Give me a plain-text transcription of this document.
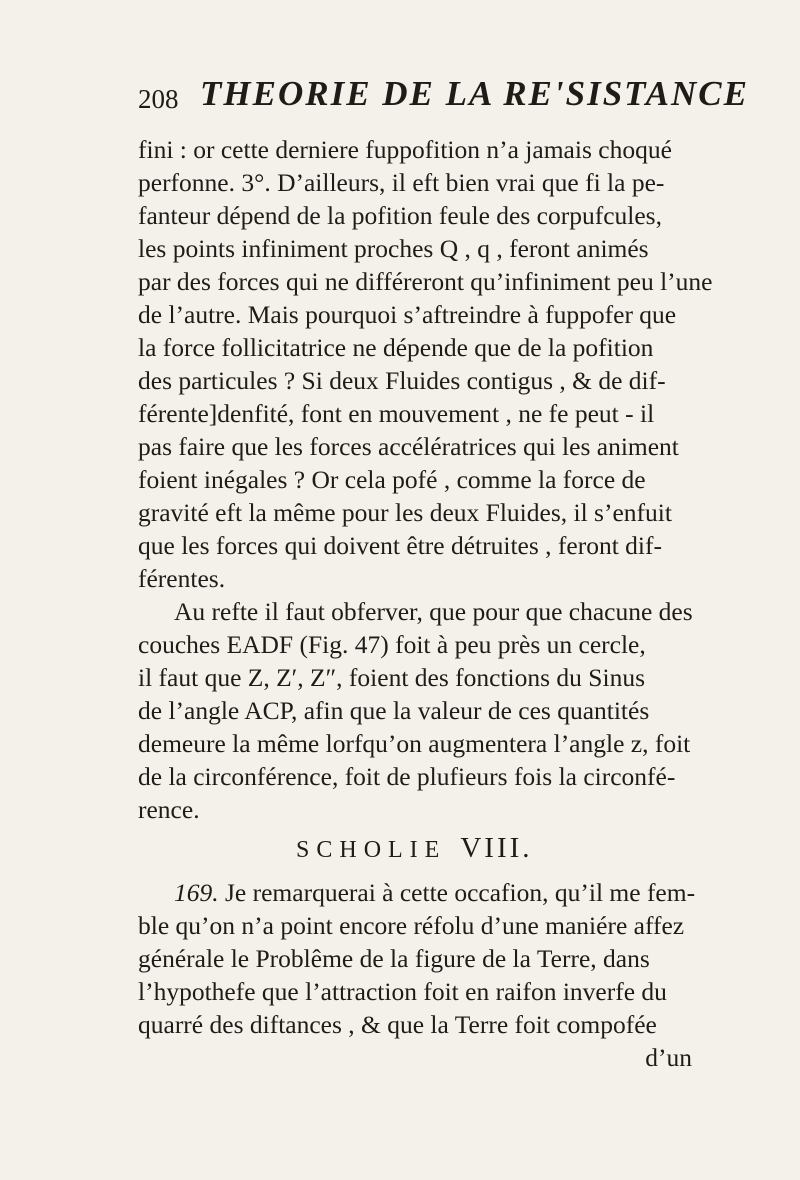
208 THEORIE DE LA RE'SISTANCE
fini : or cette derniere fuppofition n’a jamais choqué
perfonne. 3°. D’ailleurs, il eft bien vrai que fi la pe-
fanteur dépend de la pofition feule des corpufcules,
les points infiniment proches Q , q , feront animés
par des forces qui ne différeront qu’infiniment peu l’une
de l’autre. Mais pourquoi s’aftreindre à fuppofer que
la force follicitatrice ne dépende que de la pofition
des particules ? Si deux Fluides contigus , & de dif-
férente]denfité, font en mouvement , ne fe peut - il
pas faire que les forces accélératrices qui les animent
foient inégales ? Or cela pofé , comme la force de
gravité eft la même pour les deux Fluides, il s’enfuit
que les forces qui doivent être détruites , feront dif-
férentes.
Au refte il faut obferver, que pour que chacune des
couches EADF (Fig. 47) foit à peu près un cercle,
il faut que Z, Z′, Z″, foient des fonctions du Sinus
de l’angle ACP, afin que la valeur de ces quantités
demeure la même lorfqu’on augmentera l’angle z, foit
de la circonférence, foit de plufieurs fois la circonfé-
rence.
SCHOLIE VIII.
169. Je remarquerai à cette occafion, qu’il me fem-
ble qu’on n’a point encore réfolu d’une maniére affez
générale le Problême de la figure de la Terre, dans
l’hypothefe que l’attraction foit en raifon inverfe du
quarré des diftances , & que la Terre foit compofée
d’un
